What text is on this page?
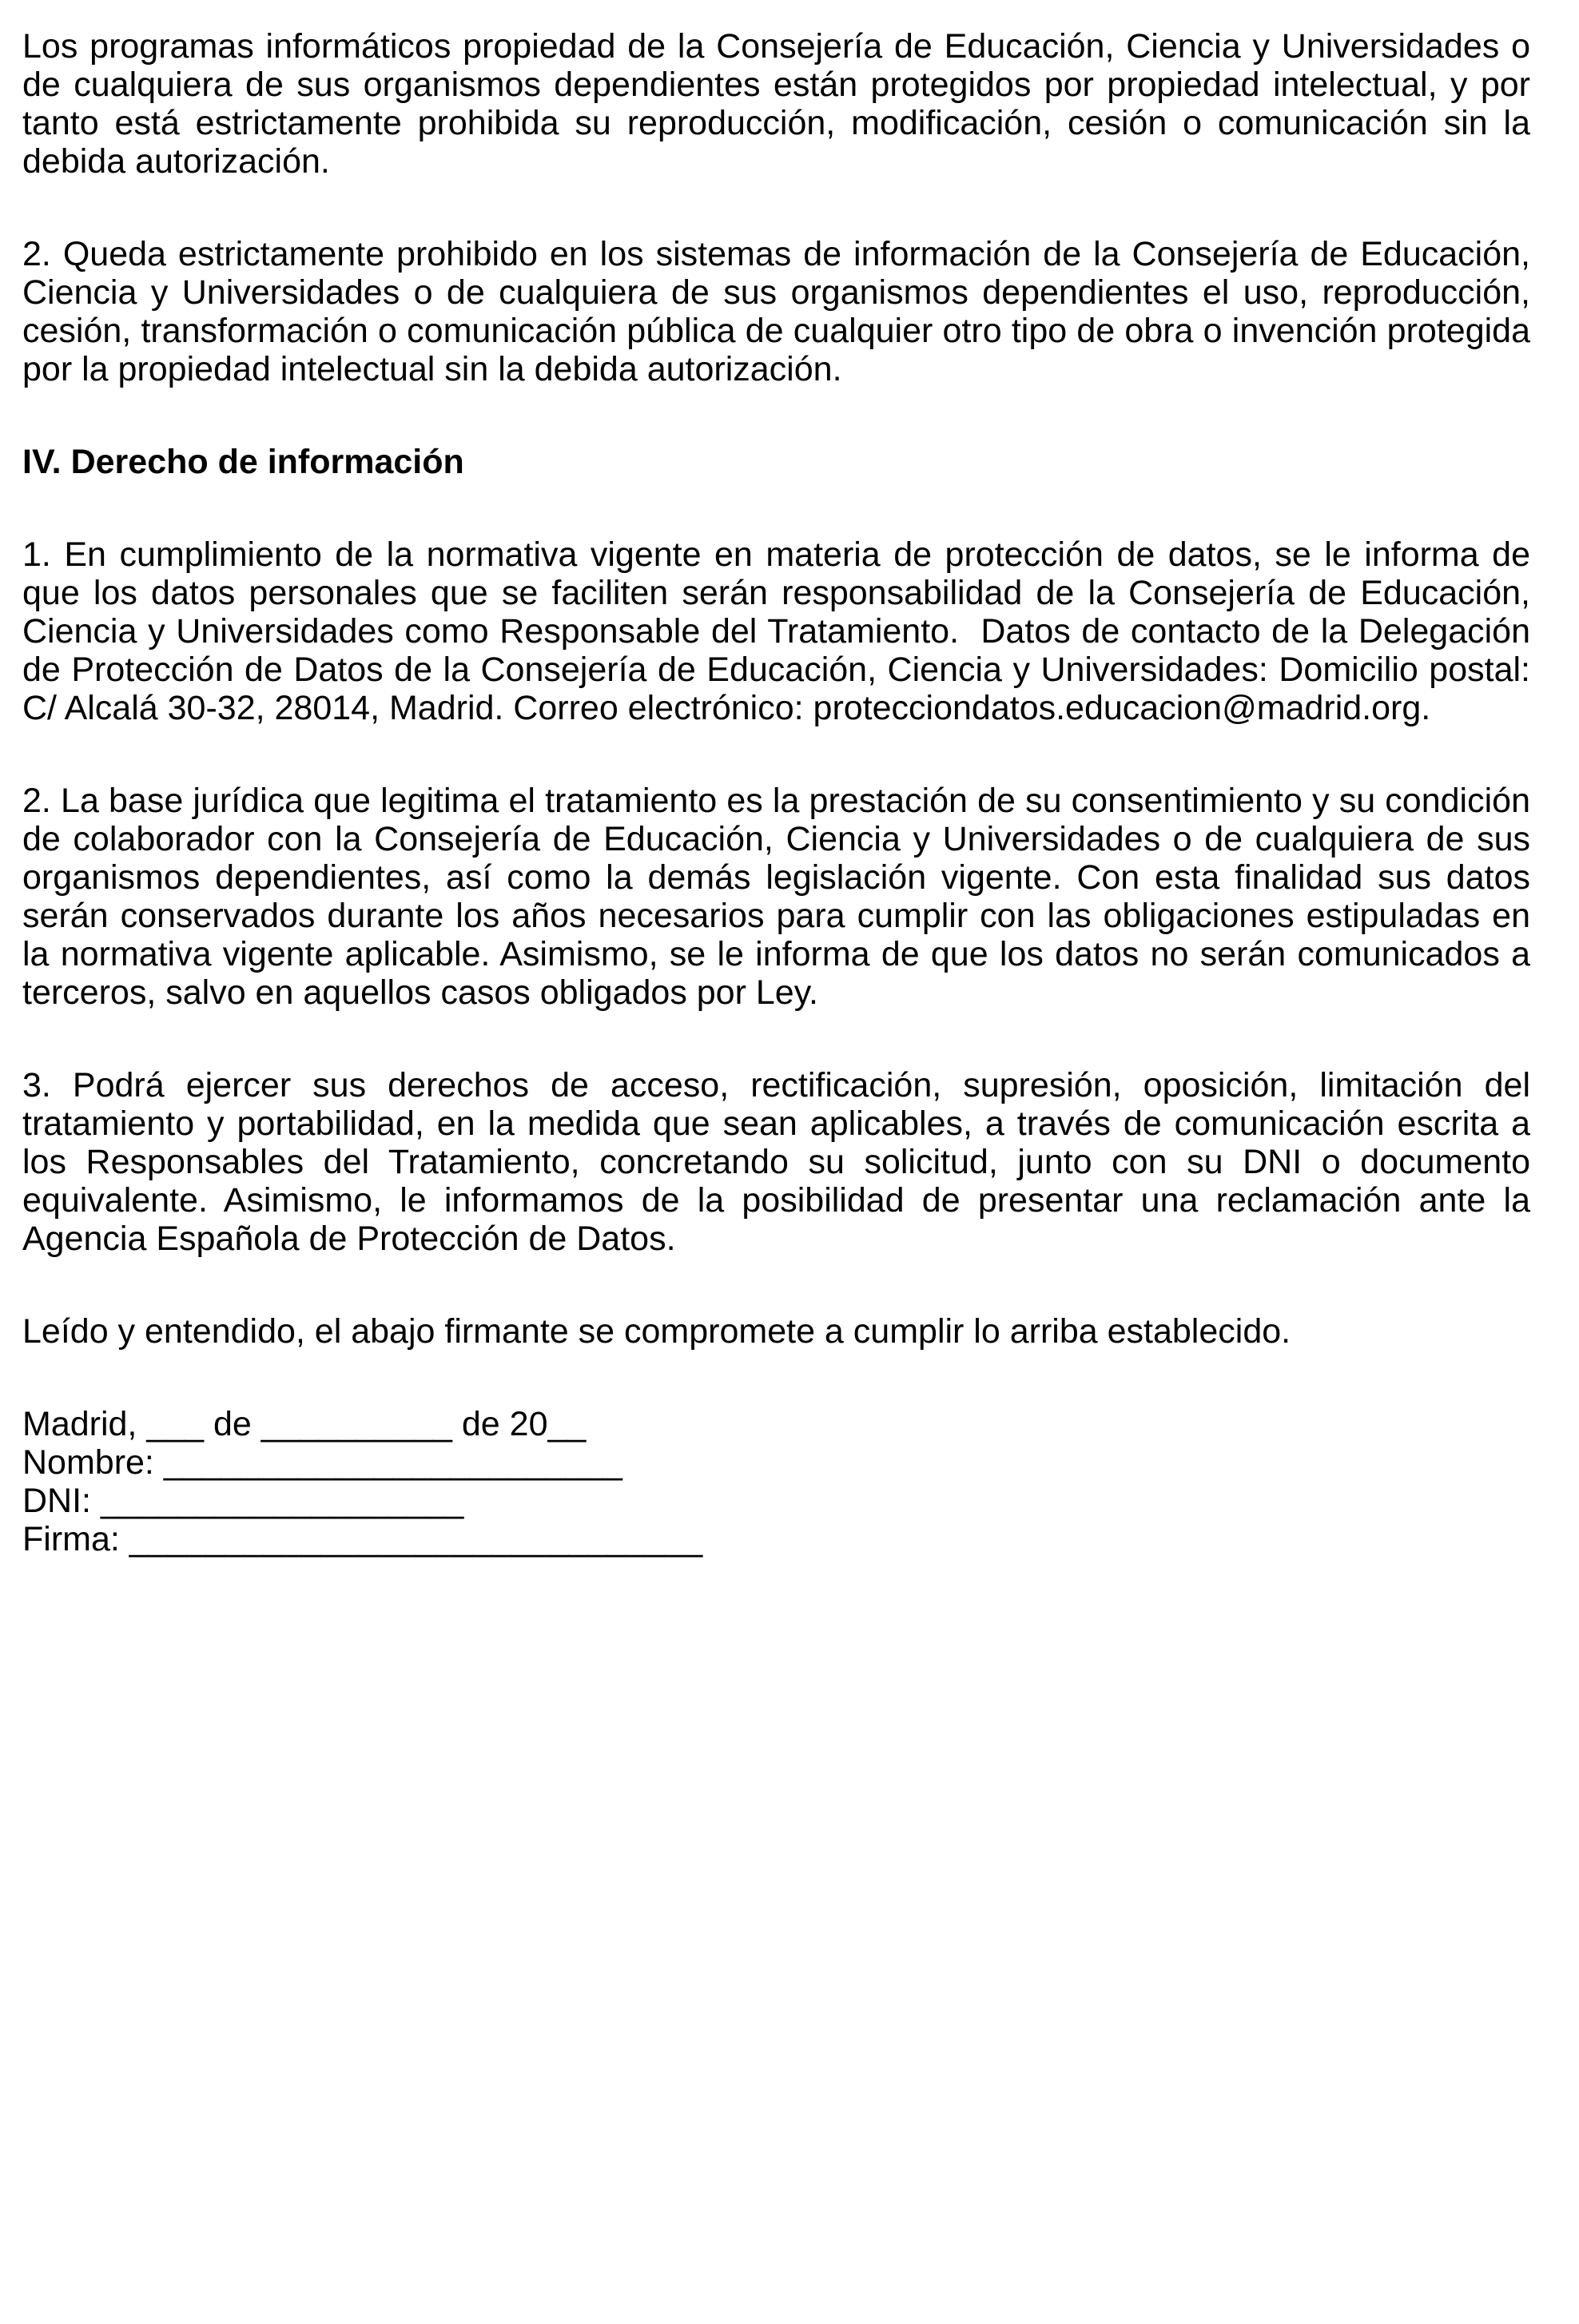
Los programas informáticos propiedad de la Consejería de Educación, Ciencia y Universidades o de cualquiera de sus organismos dependientes están protegidos por propiedad intelectual, y por tanto está estrictamente prohibida su reproducción, modificación, cesión o comunicación sin la debida autorización.

2. Queda estrictamente prohibido en los sistemas de información de la Consejería de Educación, Ciencia y Universidades o de cualquiera de sus organismos dependientes el uso, reproducción, cesión, transformación o comunicación pública de cualquier otro tipo de obra o invención protegida por la propiedad intelectual sin la debida autorización.

IV. Derecho de información

1. En cumplimiento de la normativa vigente en materia de protección de datos, se le informa de que los datos personales que se faciliten serán responsabilidad de la Consejería de Educación, Ciencia y Universidades como Responsable del Tratamiento.  Datos de contacto de la Delegación de Protección de Datos de la Consejería de Educación, Ciencia y Universidades: Domicilio postal: C/ Alcalá 30-32, 28014, Madrid. Correo electrónico: protecciondatos.educacion@madrid.org.

2. La base jurídica que legitima el tratamiento es la prestación de su consentimiento y su condición de colaborador con la Consejería de Educación, Ciencia y Universidades o de cualquiera de sus organismos dependientes, así como la demás legislación vigente. Con esta finalidad sus datos serán conservados durante los años necesarios para cumplir con las obligaciones estipuladas en la normativa vigente aplicable. Asimismo, se le informa de que los datos no serán comunicados a terceros, salvo en aquellos casos obligados por Ley.

3. Podrá ejercer sus derechos de acceso, rectificación, supresión, oposición, limitación del tratamiento y portabilidad, en la medida que sean aplicables, a través de comunicación escrita a los Responsables del Tratamiento, concretando su solicitud, junto con su DNI o documento equivalente. Asimismo, le informamos de la posibilidad de presentar una reclamación ante la Agencia Española de Protección de Datos.

Leído y entendido, el abajo firmante se compromete a cumplir lo arriba establecido.

Madrid, ___ de __________ de 20__

Nombre: ________________________

DNI: ___________________

Firma: ______________________________
